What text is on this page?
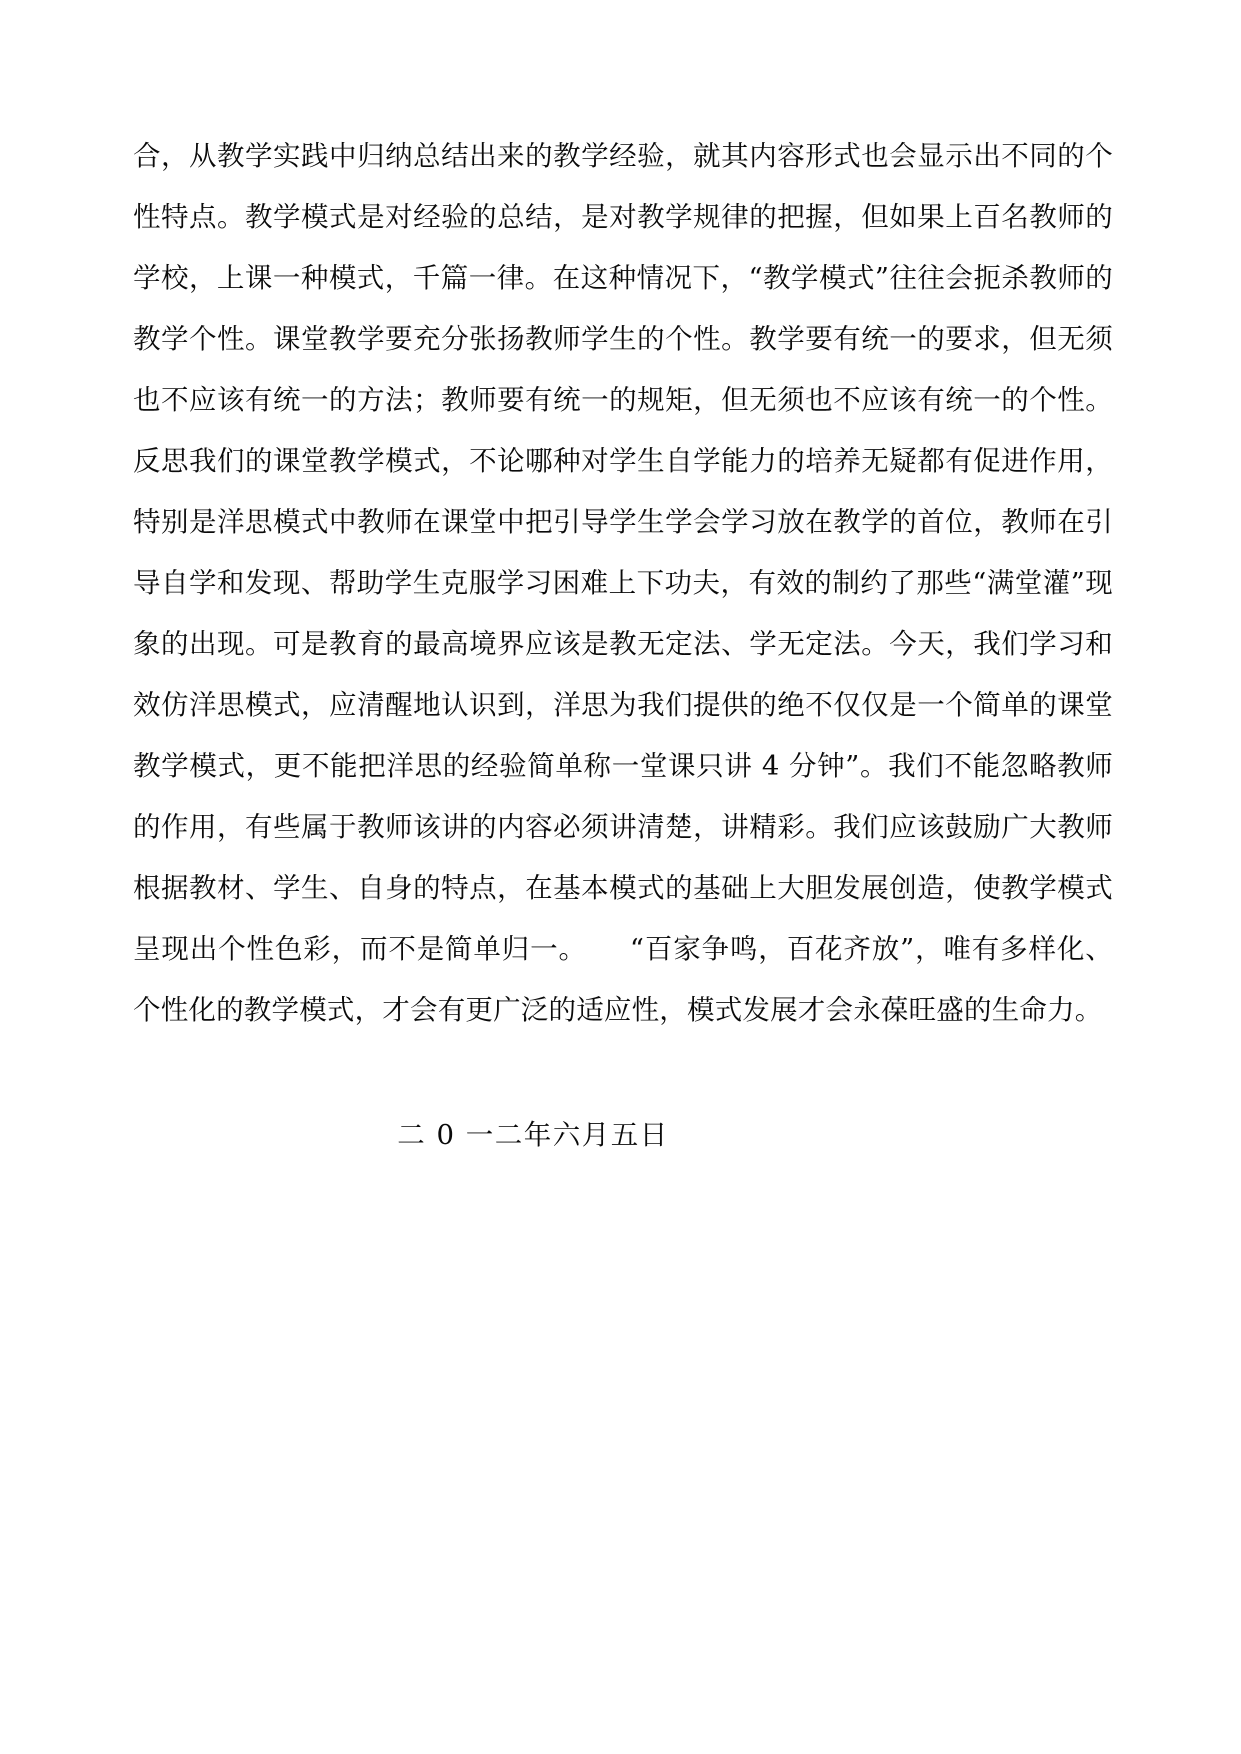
合，从教学实践中归纳总结出来的教学经验，就其内容形式也会显示出不同的个性特点。教学模式是对经验的总结，是对教学规律的把握，但如果上百名教师的学校，上课一种模式，千篇一律。在这种情况下，“教学模式”往往会扼杀教师的教学个性。课堂教学要充分张扬教师学生的个性。教学要有统一的要求，但无须也不应该有统一的方法；教师要有统一的规矩，但无须也不应该有统一的个性。反思我们的课堂教学模式，不论哪种对学生自学能力的培养无疑都有促进作用，特别是洋思模式中教师在课堂中把引导学生学会学习放在教学的首位，教师在引导自学和发现、帮助学生克服学习困难上下功夫，有效的制约了那些“满堂灌”现象的出现。可是教育的最高境界应该是教无定法、学无定法。今天，我们学习和效仿洋思模式，应清醒地认识到，洋思为我们提供的绝不仅仅是一个简单的课堂教学模式，更不能把洋思的经验简单称一堂课只讲 4 分钟”。我们不能忽略教师的作用，有些属于教师该讲的内容必须讲清楚，讲精彩。我们应该鼓励广大教师根据教材、学生、自身的特点，在基本模式的基础上大胆发展创造，使教学模式呈现出个性色彩，而不是简单归一。　　“百家争鸣，百花齐放”，唯有多样化、个性化的教学模式，才会有更广泛的适应性，模式发展才会永葆旺盛的生命力。

二 0 一二年六月五日
